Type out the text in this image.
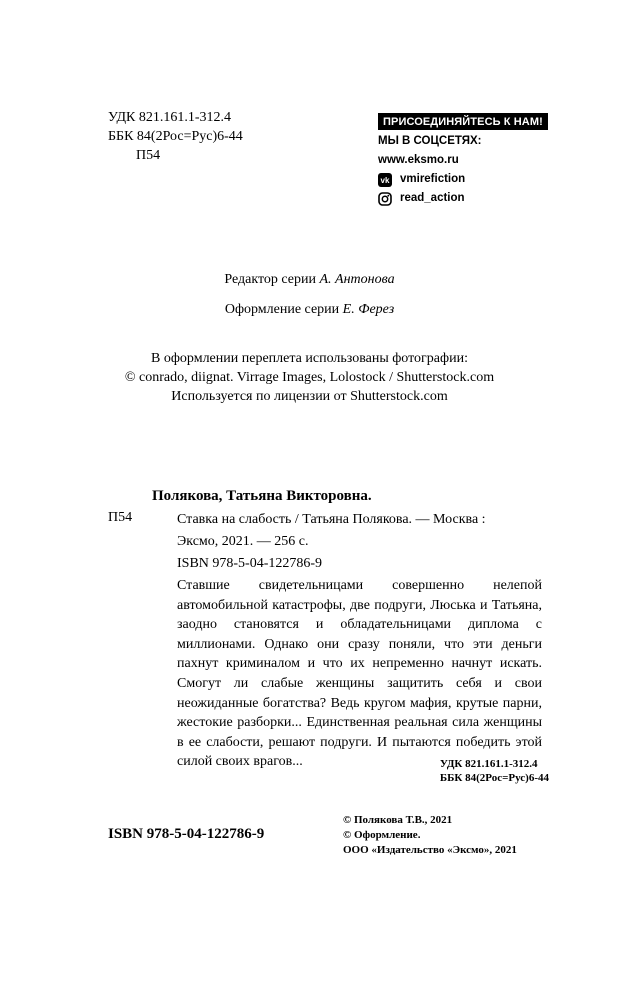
УДК 821.161.1-312.4
ББК 84(2Рос=Рус)6-44
П54
ПРИСОЕДИНЯЙТЕСЬ К НАМ!
МЫ В СОЦСЕТЯХ:
www.eksmo.ru
vk vmirefiction
read_action
Редактор серии А. Антонова
Оформление серии Е. Ферез
В оформлении переплета использованы фотографии:
© conrado, diignat. Virrage Images, Lolostock / Shutterstock.com
Используется по лицензии от Shutterstock.com
Полякова, Татьяна Викторовна.
П54	Ставка на слабость / Татьяна Полякова. — Москва :
Эксмо, 2021. — 256 с.
ISBN 978-5-04-122786-9

Ставшие свидетельницами совершенно нелепой автомобильной катастрофы, две подруги, Люська и Татьяна, заодно становятся и обладательницами диплома с миллионами. Однако они сразу поняли, что эти деньги пахнут криминалом и что их непременно начнут искать. Смогут ли слабые женщины защитить себя и свои неожиданные богатства? Ведь кругом мафия, крутые парни, жестокие разборки... Единственная реальная сила женщины в ее слабости, решают подруги. И пытаются победить этой силой своих врагов...	УДК 821.161.1-312.4
ББК 84(2Рос=Рус)6-44
ISBN 978-5-04-122786-9
© Полякова Т.В., 2021
© Оформление.
ООО «Издательство «Эксмо», 2021
